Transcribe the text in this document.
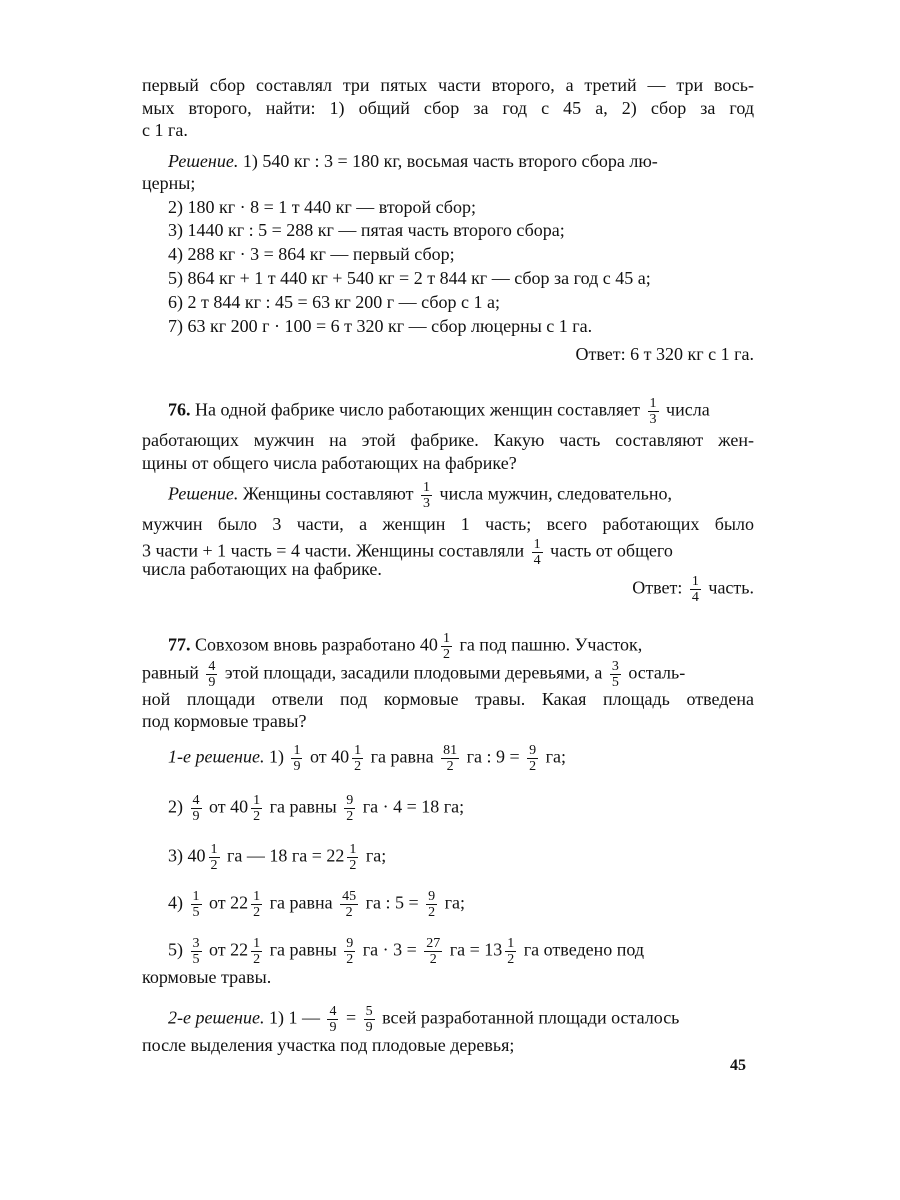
первый сбор составлял три пятых части второго, а третий — три вось-
мых второго, найти: 1) общий сбор за год с 45 а, 2) сбор за год
с 1 га.
Решение. 1) 540 кг : 3 = 180 кг, восьмая часть второго сбора лю-
церны;
2) 180 кг · 8 = 1 т 440 кг — второй сбор;
3) 1440 кг : 5 = 288 кг — пятая часть второго сбора;
4) 288 кг · 3 = 864 кг — первый сбор;
5) 864 кг + 1 т 440 кг + 540 кг = 2 т 844 кг — сбор за год с 45 а;
6) 2 т 844 кг : 45 = 63 кг 200 г — сбор с 1 а;
7) 63 кг 200 г · 100 = 6 т 320 кг — сбор люцерны с 1 га.
Ответ: 6 т 320 кг с 1 га.
76. На одной фабрике число работающих женщин составляет $\frac{1}{3}$ числа
работающих мужчин на этой фабрике. Какую часть составляют жен-
щины от общего числа работающих на фабрике?
Решение. Женщины составляют $\frac{1}{3}$ числа мужчин, следовательно,
мужчин было 3 части, а женщин 1 часть; всего работающих было
3 части + 1 часть = 4 части. Женщины составляли $\frac{1}{4}$ часть от общего
числа работающих на фабрике.
Ответ: $\frac{1}{4}$ часть.
77. Совхозом вновь разработано $40 \frac{1}{2}$ га под пашню. Участок,
равный $\frac{4}{9}$ этой площади, засадили плодовыми деревьями, а $\frac{3}{5}$ осталь-
ной площади отвели под кормовые травы. Какая площадь отведена
под кормовые травы?
1-е решение. $1) \frac{1}{9}$ от $40 \frac{1}{2}$ га равна $\frac{81}{2}$ га : $9 = \frac{9}{2}$ га;
$2) \frac{4}{9}$ от $40 \frac{1}{2}$ га равны $\frac{9}{2}$ га · 4 = 18 га;
3) $40 \frac{1}{2}$ га — 18 га = $22 \frac{1}{2}$ га;
$4) \frac{1}{5}$ от $22 \frac{1}{2}$ га равна $\frac{45}{2}$ га : $5 = \frac{9}{2}$ га;
$5) \frac{3}{5}$ от $22 \frac{1}{2}$ га равны $\frac{9}{2}$ га · $3 = \frac{27}{2}$ га = $13 \frac{1}{2}$ га отведено под
кормовые травы.
2-е решение. 1) 1 — $\frac{4}{9} = \frac{5}{9}$ всей разработанной площади осталось
после выделения участка под плодовые деревья;
45
